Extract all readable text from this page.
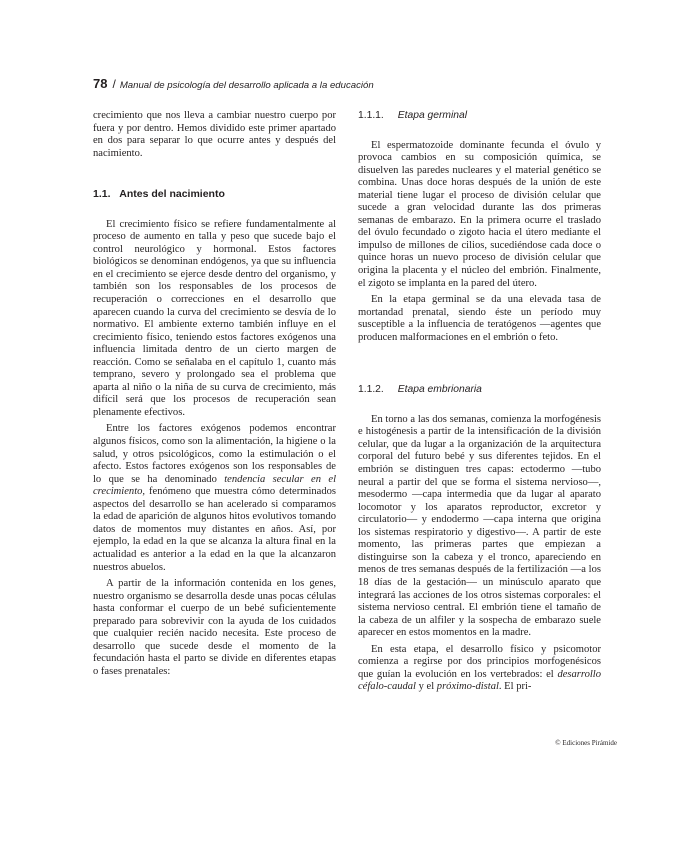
78 / Manual de psicología del desarrollo aplicada a la educación

crecimiento que nos lleva a cambiar nuestro cuerpo por fuera y por dentro. Hemos dividido este primer apartado en dos para separar lo que ocurre antes y después del nacimiento.

1.1. Antes del nacimiento

El crecimiento físico se refiere fundamentalmente al proceso de aumento en talla y peso que sucede bajo el control neurológico y hormonal. Estos factores biológicos se denominan endógenos, ya que su influencia en el crecimiento se ejerce desde dentro del organismo, y también son los responsables de los procesos de recuperación o correcciones en el desarrollo que aparecen cuando la curva del crecimiento se desvía de lo normativo. El ambiente externo también influye en el crecimiento físico, teniendo estos factores exógenos una influencia limitada dentro de un cierto margen de reacción. Como se señalaba en el capítulo 1, cuanto más temprano, severo y prolongado sea el problema que aparta al niño o la niña de su curva de crecimiento, más difícil será que los procesos de recuperación sean plenamente efectivos.

Entre los factores exógenos podemos encontrar algunos físicos, como son la alimentación, la higiene o la salud, y otros psicológicos, como la estimulación o el afecto. Estos factores exógenos son los responsables de lo que se ha denominado tendencia secular en el crecimiento, fenómeno que muestra cómo determinados aspectos del desarrollo se han acelerado si comparamos la edad de aparición de algunos hitos evolutivos tomando datos de momentos muy distantes en años. Así, por ejemplo, la edad en la que se alcanza la altura final en la actualidad es anterior a la edad en la que la alcanzaron nuestros abuelos.

A partir de la información contenida en los genes, nuestro organismo se desarrolla desde unas pocas células hasta conformar el cuerpo de un bebé suficientemente preparado para sobrevivir con la ayuda de los cuidados que cualquier recién nacido necesita. Este proceso de desarrollo que sucede desde el momento de la fecundación hasta el parto se divide en diferentes etapas o fases prenatales:

1.1.1. Etapa germinal

El espermatozoide dominante fecunda el óvulo y provoca cambios en su composición química, se disuelven las paredes nucleares y el material genético se combina. Unas doce horas después de la unión de este material tiene lugar el proceso de división celular que sucede a gran velocidad durante las dos primeras semanas de embarazo. En la primera ocurre el traslado del óvulo fecundado o zigoto hacia el útero mediante el impulso de millones de cilios, sucediéndose cada doce o quince horas un nuevo proceso de división celular que origina la placenta y el núcleo del embrión. Finalmente, el zigoto se implanta en la pared del útero.

En la etapa germinal se da una elevada tasa de mortandad prenatal, siendo éste un período muy susceptible a la influencia de teratógenos —agentes que producen malformaciones en el embrión o feto.

1.1.2. Etapa embrionaria

En torno a las dos semanas, comienza la morfogénesis e histogénesis a partir de la intensificación de la división celular, que da lugar a la organización de la arquitectura corporal del futuro bebé y sus diferentes tejidos. En el embrión se distinguen tres capas: ectodermo —tubo neural a partir del que se forma el sistema nervioso—, mesodermo —capa intermedia que da lugar al aparato locomotor y los aparatos reproductor, excretor y circulatorio— y endodermo —capa interna que origina los sistemas respiratorio y digestivo—. A partir de este momento, las primeras partes que empiezan a distinguirse son la cabeza y el tronco, apareciendo en menos de tres semanas después de la fertilización —a los 18 días de la gestación— un minúsculo aparato que integrará las acciones de los otros sistemas corporales: el sistema nervioso central. El embrión tiene el tamaño de la cabeza de un alfiler y la sospecha de embarazo suele aparecer en estos momentos en la madre.

En esta etapa, el desarrollo físico y psicomotor comienza a regirse por dos principios morfogenésicos que guían la evolución en los vertebrados: el desarrollo céfalo-caudal y el próximo-distal. El pri-

© Ediciones Pirámide
